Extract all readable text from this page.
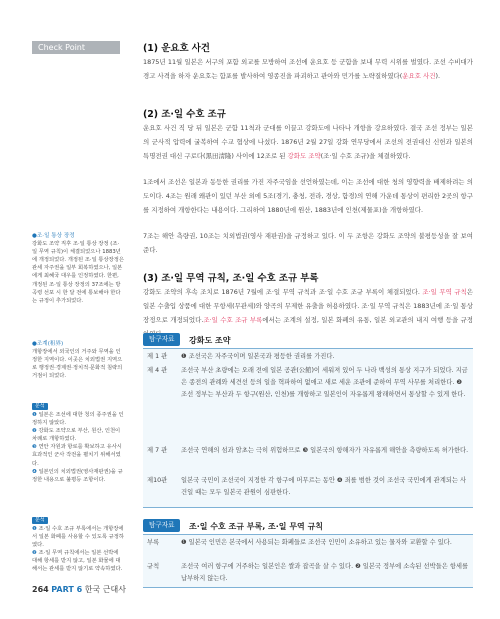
Check Point
●조·일 통상 장정
강화도 조약 직후 조·일 통상 장정 (조·일 무역 규칙)이 체결되었으나 1883년에 개정되었다. 개정된 조·일 통상장정은 관세 자주권을 일부 회복하였으나, 일본에게 최혜국 대우를 인정하였다. 한편, 개정된 조·일 통상 장정의 37조에는 방곡령 선포 시 한 달 전에 통보해야 한다는 규정이 추가되었다.
●조계(租界)
개항장에서 외국인의 거주와 무역을 인정한 지역이다. 이곳은 치외법권 지역으로 행정권·경제권·정치적·문화적 침략의 거점이 되었다.
분석
❶ 일본은 조선에 대한 청의 종주권을 인정하지 않았다.
❷ 강화도 조약으로 부산, 원산, 인천이 차례로 개항하였다.
❸ 연안 자원과 항로를 확보하고 유사시 효과적인 군사 작전을 펼치기 위해서였다.
❹ 일본인의 치외법권(영사재판권)을 규정한 내용으로 불평등 조항이다.
분석
❶ 조·일 수호 조규 부록에서는 개항장에서 일본 화폐를 사용할 수 있도록 규정하였다.
❷ 조·일 무역 규칙에서는 일본 선박에 대해 항세를 받지 않고, 일본 화물에 대해서는 관세를 받지 않기로 약속하였다.
(1) 운요호 사건
1875년 11월 일본은 서구의 포함 외교를 모방하여 조선에 운요호 등 군함을 보내 무력 시위를 벌였다. 조선 수비대가 경고 사격을 하자 운요호는 함포를 발사하여 영종진을 파괴하고 관아와 민가를 노략질하였다(운요호 사건).
(2) 조·일 수호 조규
운요호 사건 직 당 뒤 일본은 군함 11척과 군대를 이끌고 강화도에 나타나 개항을 강요하였다. 결국 조선 정부는 일본의 군사적 압력에 굴복하여 수교 협상에 나섰다. 1876년 2월 27일 강화 연무당에서 조선의 전권대신 신헌과 일본의 특명전권 대신 구로다(黑田淸隆) 사이에 12조로 된 강화도 조약(조·일 수호 조규)을 체결하였다.
1조에서 조선은 일본과 동등한 권리를 가진 자주국임을 선언하였는데, 이는 조선에 대한 청의 영향력을 배제하려는 의도이다. 4조는 원래 왜관이 있던 부산 외에 5조(경기, 충청, 전라, 경상, 함경)의 연해 가운데 통상이 편리한 2곳의 항구를 지정하여 개항한다는 내용이다. 그리하여 1880년에 원산, 1883년에 인천(제물포)을 개항하였다.
7조는 해안 측량권, 10조는 치외법권(영사 재판권)을 규정하고 있다. 이 두 조항은 강화도 조약의 불평등성을 잘 보여준다.
(3) 조·일 무역 규칙, 조·일 수호 조규 부록
강화도 조약의 후속 조치로 1876년 7월에 조·일 무역 규칙과 조·일 수호 조규 부록이 체결되었다. 조·일 무역 규칙은 일본 수출입 상품에 대한 무항세(무관세)와 양곡의 무제한 유출을 허용하였다. 조·일 무역 규칙은 1883년에 조·일 통상 장정으로 개정되었다.조·일 수호 조규 부록에서는 조계의 설정, 일본 화폐의 유통, 일본 외교관의 내지 여행 등을 규정
탐구자료	강화도 조약
제 1 관	❶ 조선국은 자주국이며 일본국과 평등한 권리를 가진다.
제 4 관	조선국 부산 초량에는 오래 전에 일본 공관(公館)이 세워져 있어 두 나라 백성의 통상 지구가 되었다. 지금은 종전의 관례와 세견선 등의 일을 혁파하여 없애고 새로 세운 조관에 준하여 무역 사무를 처리한다. ❷ 조선 정부는 부산과 두 항구(원산, 인천)를 개항하고 일본인이 자유롭게 왕래하면서 통상할 수 있게 한다.
제 7 관	조선국 연해의 섬과 암초는 극히 위험하므로 ❸ 일본국의 항해자가 자유롭게 해안을 측량하도록 허가한다.
제10관	일본국 국민이 조선국이 지정한 각 항구에 머무르는 동안 ❹ 죄를 범한 것이 조선국 국민에게 관계되는 사건일 때는 모두 일본국 관원이 심판한다.
탐구자료	조·일 수호 조규 부록, 조·일 무역 규칙
부록	❶ 일본국 인민은 본국에서 사용되는 화폐들로 조선국 인민이 소유하고 있는 물자와 교환할 수 있다.
규칙	조선국 여러 항구에 거주하는 일본인은 쌀과 잡곡을 살 수 있다. ❷ 일본국 정부에 소속된 선박들은 항세를 납부하지 않는다.
264 PART 6 한국 근대사
